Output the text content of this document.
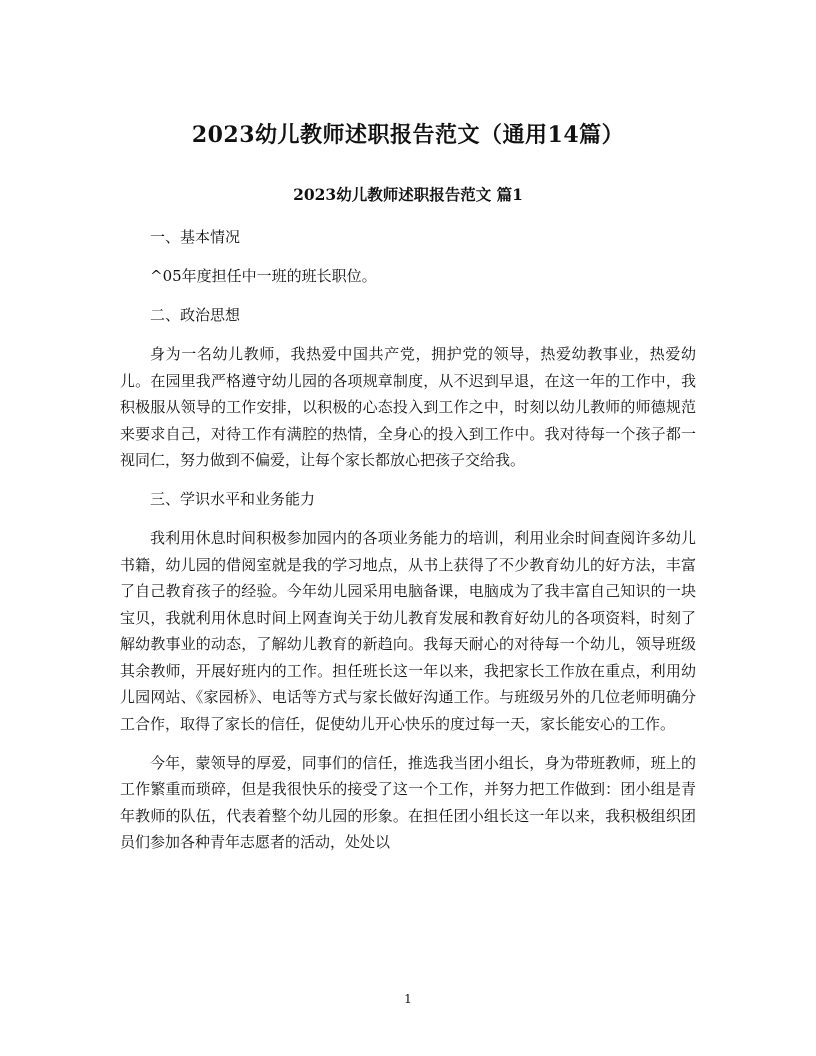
2023幼儿教师述职报告范文（通用14篇）
2023幼儿教师述职报告范文 篇1

一、基本情况

^05年度担任中一班的班长职位。

二、政治思想

身为一名幼儿教师，我热爱中国共产党，拥护党的领导，热爱幼教事业，热爱幼儿。在园里我严格遵守幼儿园的各项规章制度，从不迟到早退，在这一年的工作中，我积极服从领导的工作安排，以积极的心态投入到工作之中，时刻以幼儿教师的师德规范来要求自己，对待工作有满腔的热情，全身心的投入到工作中。我对待每一个孩子都一视同仁，努力做到不偏爱，让每个家长都放心把孩子交给我。

三、学识水平和业务能力

我利用休息时间积极参加园内的各项业务能力的培训，利用业余时间查阅许多幼儿书籍，幼儿园的借阅室就是我的学习地点，从书上获得了不少教育幼儿的好方法，丰富了自己教育孩子的经验。今年幼儿园采用电脑备课，电脑成为了我丰富自己知识的一块宝贝，我就利用休息时间上网查询关于幼儿教育发展和教育好幼儿的各项资料，时刻了解幼教事业的动态，了解幼儿教育的新趋向。我每天耐心的对待每一个幼儿，领导班级其余教师，开展好班内的工作。担任班长这一年以来，我把家长工作放在重点，利用幼儿园网站、《家园桥》、电话等方式与家长做好沟通工作。与班级另外的几位老师明确分工合作，取得了家长的信任，促使幼儿开心快乐的度过每一天，家长能安心的工作。

今年，蒙领导的厚爱，同事们的信任，推选我当团小组长，身为带班教师，班上的工作繁重而琐碎，但是我很快乐的接受了这一个工作，并努力把工作做到：团小组是青年教师的队伍，代表着整个幼儿园的形象。在担任团小组长这一年以来，我积极组织团员们参加各种青年志愿者的活动，处处以

1
